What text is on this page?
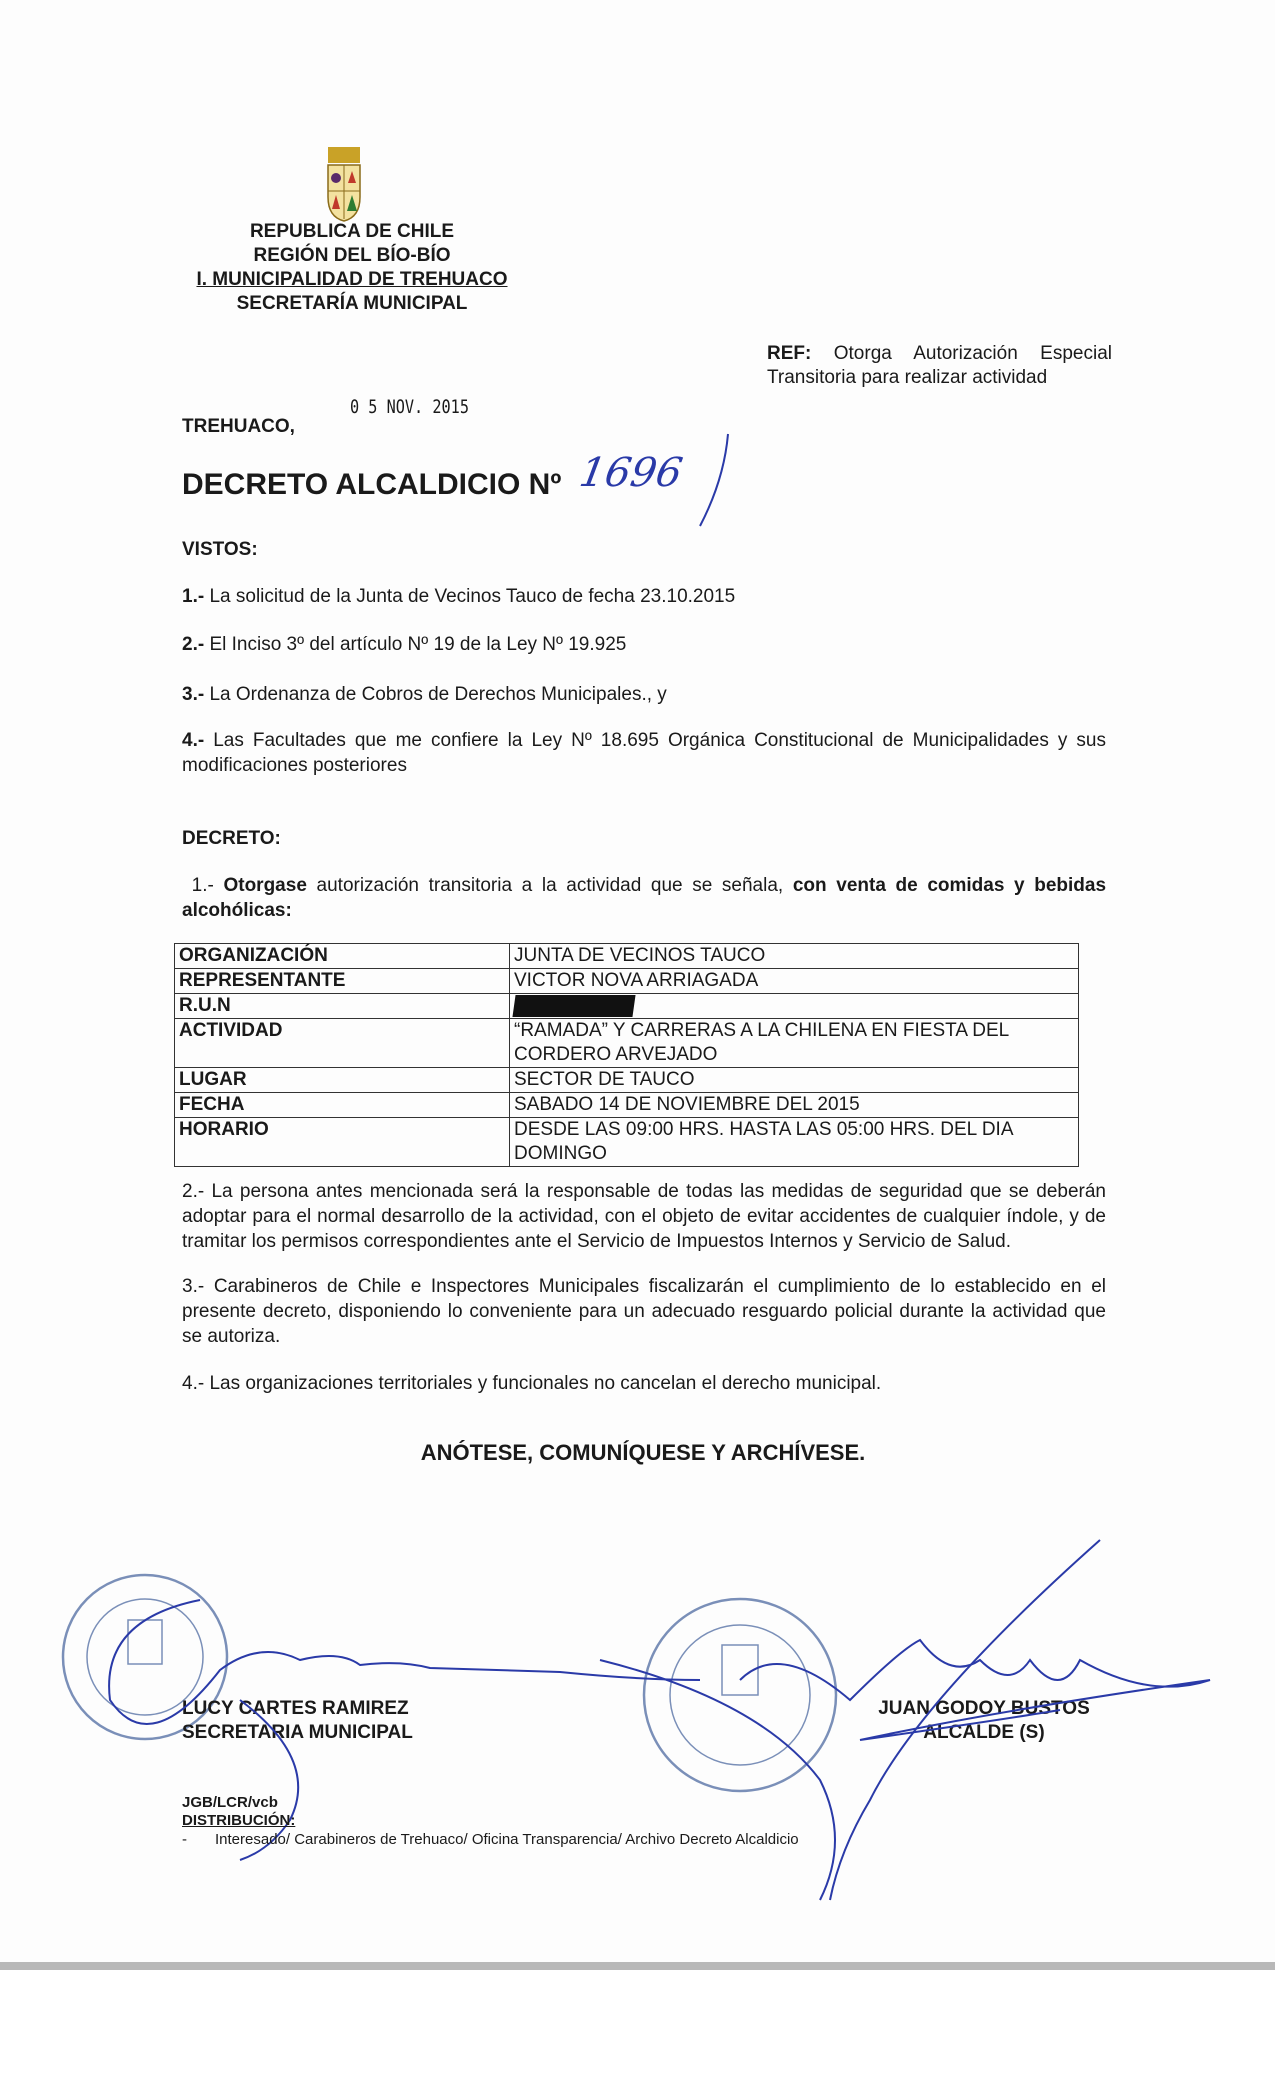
REPUBLICA DE CHILE
REGIÓN DEL BÍO-BÍO
I. MUNICIPALIDAD DE TREHUACO
SECRETARÍA MUNICIPAL
REF: Otorga Autorización Especial Transitoria para realizar actividad
TREHUACO,
0 5 NOV. 2015
DECRETO ALCALDICIO Nº 1696
VISTOS:
1.- La solicitud de la Junta de Vecinos Tauco de fecha 23.10.2015
2.- El Inciso 3º del artículo Nº 19 de la Ley Nº 19.925
3.- La Ordenanza de Cobros de Derechos Municipales., y
4.- Las Facultades que me confiere la Ley Nº 18.695 Orgánica Constitucional de Municipalidades y sus modificaciones posteriores
DECRETO:
1.- Otorgase autorización transitoria a la actividad que se señala, con venta de comidas y bebidas alcohólicas:
ORGANIZACIÓN	JUNTA DE VECINOS TAUCO
REPRESENTANTE	VICTOR NOVA ARRIAGADA
R.U.N	
ACTIVIDAD	“RAMADA” Y CARRERAS A LA CHILENA EN FIESTA DEL CORDERO ARVEJADO
LUGAR	SECTOR DE TAUCO
FECHA	SABADO 14 DE NOVIEMBRE DEL 2015
HORARIO	DESDE LAS 09:00 HRS. HASTA LAS 05:00 HRS. DEL DIA DOMINGO
2.- La persona antes mencionada será la responsable de todas las medidas de seguridad que se deberán adoptar para el normal desarrollo de la actividad, con el objeto de evitar accidentes de cualquier índole, y de tramitar los permisos correspondientes ante el Servicio de Impuestos Internos y Servicio de Salud.
3.- Carabineros de Chile e Inspectores Municipales fiscalizarán el cumplimiento de lo establecido en el presente decreto, disponiendo lo conveniente para un adecuado resguardo policial durante la actividad que se autoriza.
4.- Las organizaciones territoriales y funcionales no cancelan el derecho municipal.
ANÓTESE, COMUNÍQUESE Y ARCHÍVESE.
LUCY CARTES RAMIREZ
SECRETARIA MUNICIPAL
JUAN GODOY BUSTOS
ALCALDE (S)
JGB/LCR/vcb
DISTRIBUCIÓN:
- Interesado/ Carabineros de Trehuaco/ Oficina Transparencia/ Archivo Decreto Alcaldicio
